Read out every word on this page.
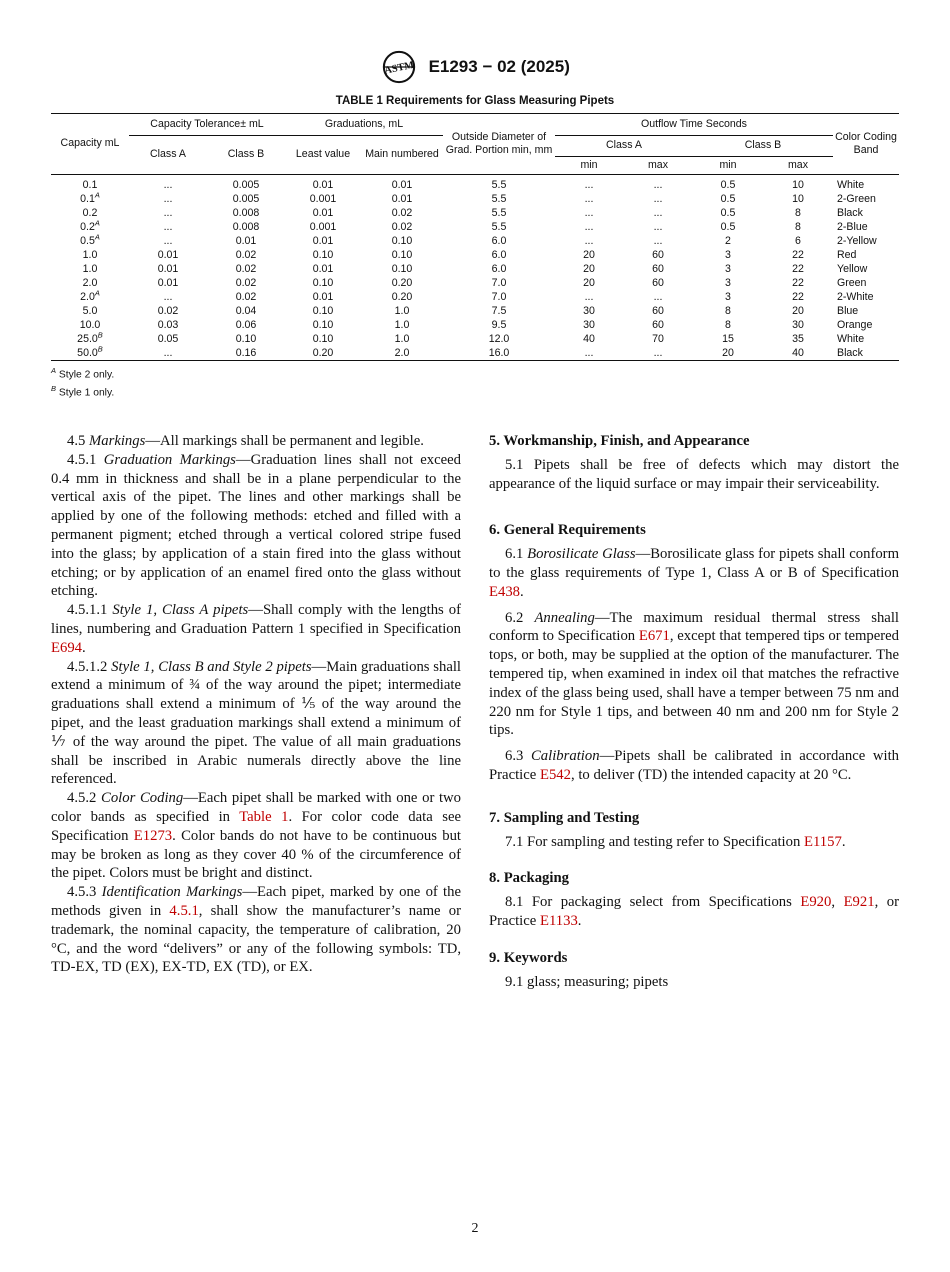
ASTM E1293 − 02 (2025)
TABLE 1 Requirements for Glass Measuring Pipets
Capacity mL	Capacity Tolerance± mL		Graduations, mL		Outside Diameter of Grad. Portion min, mm	Outflow Time Seconds				Color Coding Band
	Class A	Class B	Least value	Main numbered		Class A		Class B		
						min	max	min	max	
0.1	...	0.005	0.01	0.01	5.5	...	...	0.5	10	White
$0.1^A$	...	0.005	0.001	0.01	5.5	...	...	0.5	10	2-Green
0.2	...	0.008	0.01	0.02	5.5	...	...	0.5	8	Black
$0.2^A$	...	0.008	0.001	0.02	5.5	...	...	0.5	8	2-Blue
$0.5^A$	...	0.01	0.01	0.10	6.0	...	...	2	6	2-Yellow
1.0	0.01	0.02	0.10	0.10	6.0	20	60	3	22	Red
1.0	0.01	0.02	0.01	0.10	6.0	20	60	3	22	Yellow
2.0	0.01	0.02	0.10	0.20	7.0	20	60	3	22	Green
$2.0^A$	...	0.02	0.01	0.20	7.0	...	...	3	22	2-White
5.0	0.02	0.04	0.10	1.0	7.5	30	60	8	20	Blue
10.0	0.03	0.06	0.10	1.0	9.5	30	60	8	30	Orange
$25.0^B$	0.05	0.10	0.10	1.0	12.0	40	70	15	35	White
$50.0^B$	...	0.16	0.20	2.0	16.0	...	...	20	40	Black
$^A$ Style 2 only.
$^B$ Style 1 only.

4.5 Markings—All markings shall be permanent and legible.

4.5.1 Graduation Markings—Graduation lines shall not exceed 0.4 mm in thickness and shall be in a plane perpendicular to the vertical axis of the pipet. The lines and other markings shall be applied by one of the following methods: etched and filled with a permanent pigment; etched through a vertical colored stripe fused into the glass; by application of a stain fired into the glass without etching; or by application of an enamel fired onto the glass without etching.

4.5.1.1 Style 1, Class A pipets—Shall comply with the lengths of lines, numbering and Graduation Pattern 1 specified in Specification E694.

4.5.1.2 Style 1, Class B and Style 2 pipets—Main graduations shall extend a minimum of ¾ of the way around the pipet; intermediate graduations shall extend a minimum of ⅕ of the way around the pipet, and the least graduation markings shall extend a minimum of ⅐ of the way around the pipet. The value of all main graduations shall be inscribed in Arabic numerals directly above the line referenced.

4.5.2 Color Coding—Each pipet shall be marked with one or two color bands as specified in Table 1. For color code data see Specification E1273. Color bands do not have to be continuous but may be broken as long as they cover 40 % of the circumference of the pipet. Colors must be bright and distinct.

4.5.3 Identification Markings—Each pipet, marked by one of the methods given in 4.5.1, shall show the manufacturer’s name or trademark, the nominal capacity, the temperature of calibration, 20 °C, and the word “delivers” or any of the following symbols: TD, TD-EX, TD (EX), EX-TD, EX (TD), or EX.

5. Workmanship, Finish, and Appearance

5.1 Pipets shall be free of defects which may distort the appearance of the liquid surface or may impair their serviceability.

6. General Requirements

6.1 Borosilicate Glass—Borosilicate glass for pipets shall conform to the glass requirements of Type 1, Class A or B of Specification E438.

6.2 Annealing—The maximum residual thermal stress shall conform to Specification E671, except that tempered tips or tempered tops, or both, may be supplied at the option of the manufacturer. The tempered tip, when examined in index oil that matches the refractive index of the glass being used, shall have a temper between 75 nm and 220 nm for Style 1 tips, and between 40 nm and 200 nm for Style 2 tips.

6.3 Calibration—Pipets shall be calibrated in accordance with Practice E542, to deliver (TD) the intended capacity at 20 °C.

7. Sampling and Testing

7.1 For sampling and testing refer to Specification E1157.

8. Packaging

8.1 For packaging select from Specifications E920, E921, or Practice E1133.

9. Keywords

9.1 glass; measuring; pipets

2
